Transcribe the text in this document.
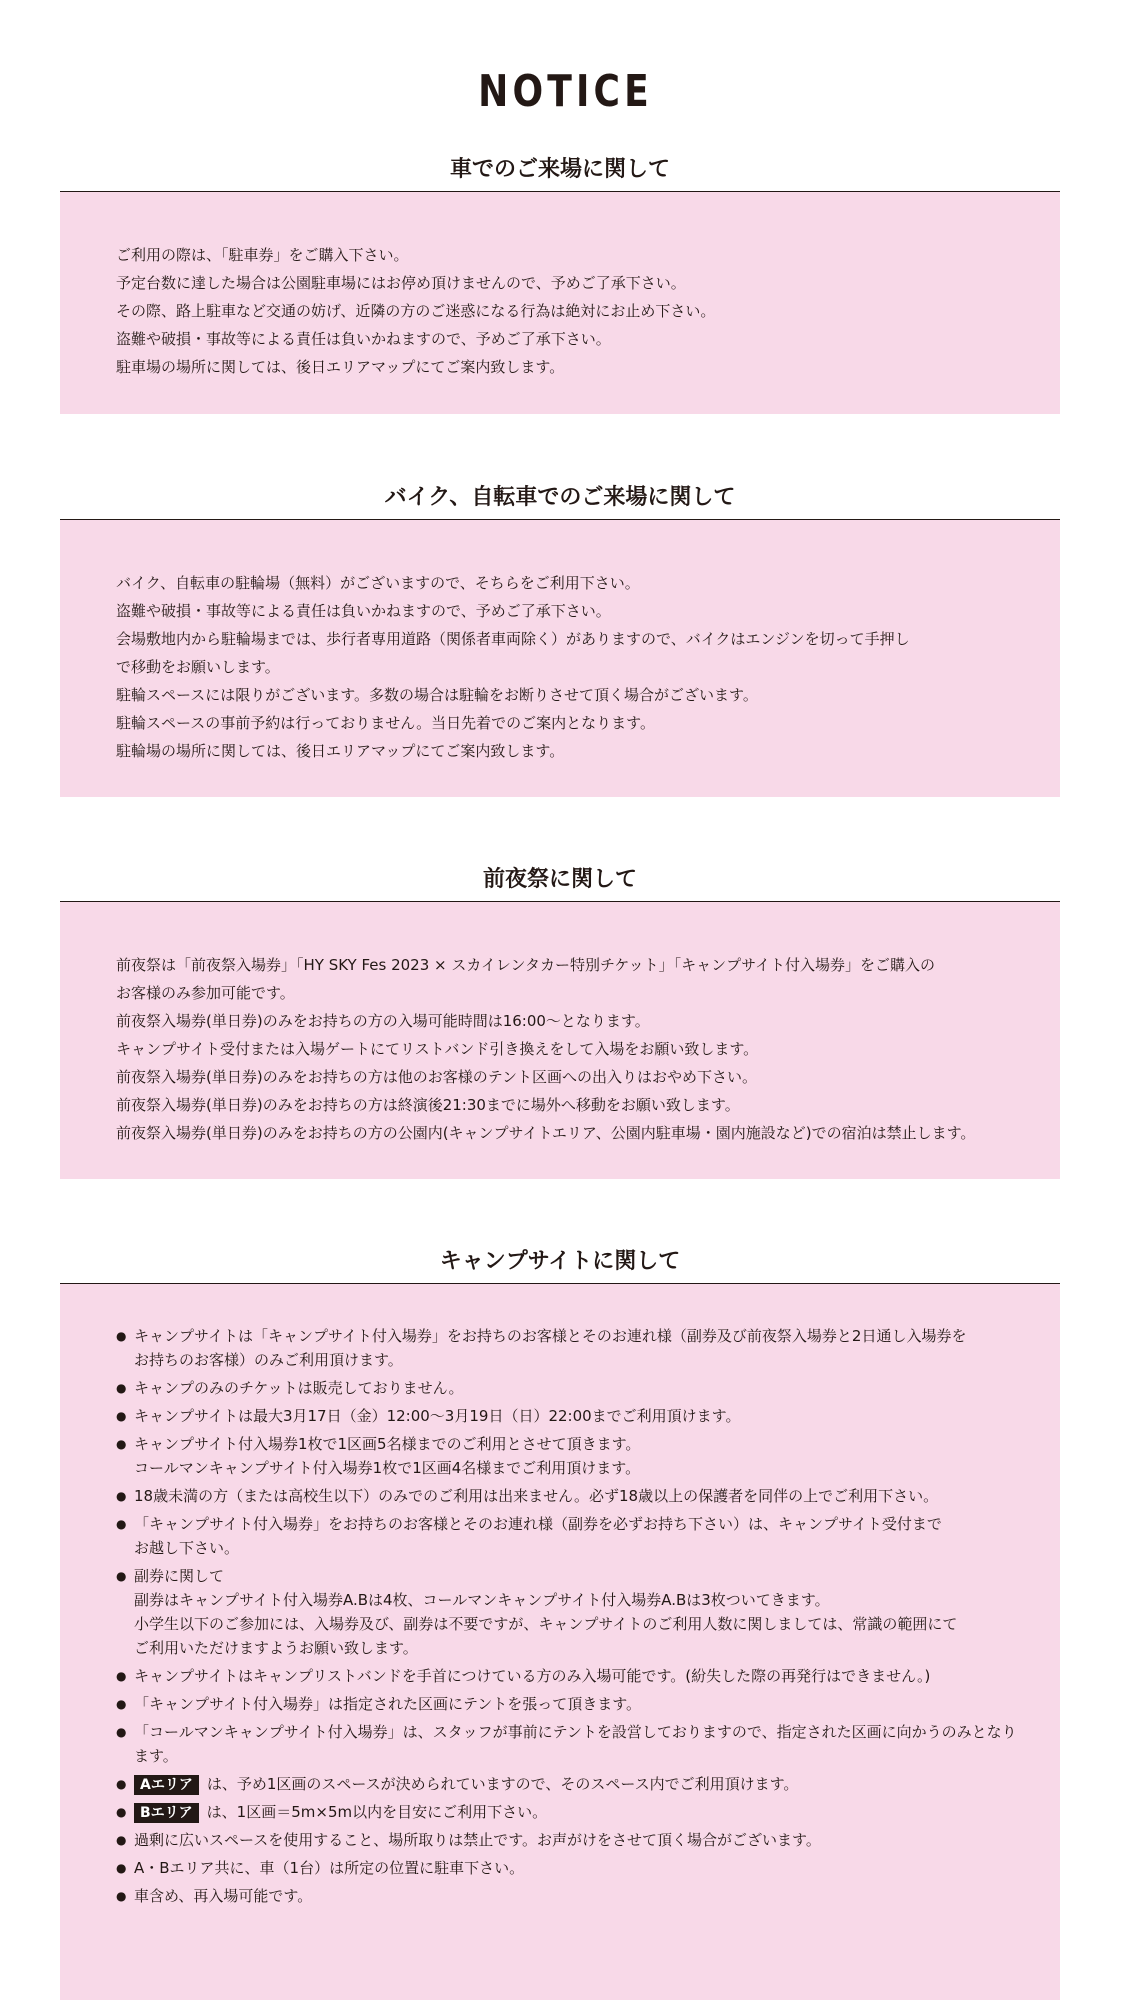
NOTICE
車でのご来場に関して

ご利用の際は、「駐車券」をご購入下さい。

予定台数に達した場合は公園駐車場にはお停め頂けませんので、予めご了承下さい。

その際、路上駐車など交通の妨げ、近隣の方のご迷惑になる行為は絶対にお止め下さい。

盗難や破損・事故等による責任は負いかねますので、予めご了承下さい。

駐車場の場所に関しては、後日エリアマップにてご案内致します。

バイク、自転車でのご来場に関して

バイク、自転車の駐輪場（無料）がございますので、そちらをご利用下さい。

盗難や破損・事故等による責任は負いかねますので、予めご了承下さい。

会場敷地内から駐輪場までは、歩行者専用道路（関係者車両除く）がありますので、バイクはエンジンを切って手押し

で移動をお願いします。

駐輪スペースには限りがございます。多数の場合は駐輪をお断りさせて頂く場合がございます。

駐輪スペースの事前予約は行っておりません。当日先着でのご案内となります。

駐輪場の場所に関しては、後日エリアマップにてご案内致します。

前夜祭に関して

前夜祭は「前夜祭入場券」「HY SKY Fes 2023 × スカイレンタカー特別チケット」「キャンプサイト付入場券」をご購入の

お客様のみ参加可能です。

前夜祭入場券(単日券)のみをお持ちの方の入場可能時間は16:00〜となります。

キャンプサイト受付または入場ゲートにてリストバンド引き換えをして入場をお願い致します。

前夜祭入場券(単日券)のみをお持ちの方は他のお客様のテント区画への出入りはおやめ下さい。

前夜祭入場券(単日券)のみをお持ちの方は終演後21:30までに場外へ移動をお願い致します。

前夜祭入場券(単日券)のみをお持ちの方の公園内(キャンプサイトエリア、公園内駐車場・園内施設など)での宿泊は禁止します。

キャンプサイトに関して
● キャンプサイトは「キャンプサイト付入場券」をお持ちのお客様とそのお連れ様（副券及び前夜祭入場券と2日通し入場券を
お持ちのお客様）のみご利用頂けます。
● キャンプのみのチケットは販売しておりません。
● キャンプサイトは最大3月17日（金）12:00〜3月19日（日）22:00までご利用頂けます。
● キャンプサイト付入場券1枚で1区画5名様までのご利用とさせて頂きます。
コールマンキャンプサイト付入場券1枚で1区画4名様までご利用頂けます。
● 18歳未満の方（または高校生以下）のみでのご利用は出来ません。必ず18歳以上の保護者を同伴の上でご利用下さい。
● 「キャンプサイト付入場券」をお持ちのお客様とそのお連れ様（副券を必ずお持ち下さい）は、キャンプサイト受付まで
お越し下さい。
● 副券に関して
副券はキャンプサイト付入場券A.Bは4枚、コールマンキャンプサイト付入場券A.Bは3枚ついてきます。
小学生以下のご参加には、入場券及び、副券は不要ですが、キャンプサイトのご利用人数に関しましては、常識の範囲にて
ご利用いただけますようお願い致します。
● キャンプサイトはキャンプリストバンドを手首につけている方のみ入場可能です。(紛失した際の再発行はできません。)
● 「キャンプサイト付入場券」は指定された区画にテントを張って頂きます。
● 「コールマンキャンプサイト付入場券」は、スタッフが事前にテントを設営しておりますので、指定された区画に向かうのみとなります。
● Aエリア は、予め1区画のスペースが決められていますので、そのスペース内でご利用頂けます。
● Bエリア は、1区画＝5m×5m以内を目安にご利用下さい。
● 過剰に広いスペースを使用すること、場所取りは禁止です。お声がけをさせて頂く場合がございます。
● A・Bエリア共に、車（1台）は所定の位置に駐車下さい。
● 車含め、再入場可能です。
